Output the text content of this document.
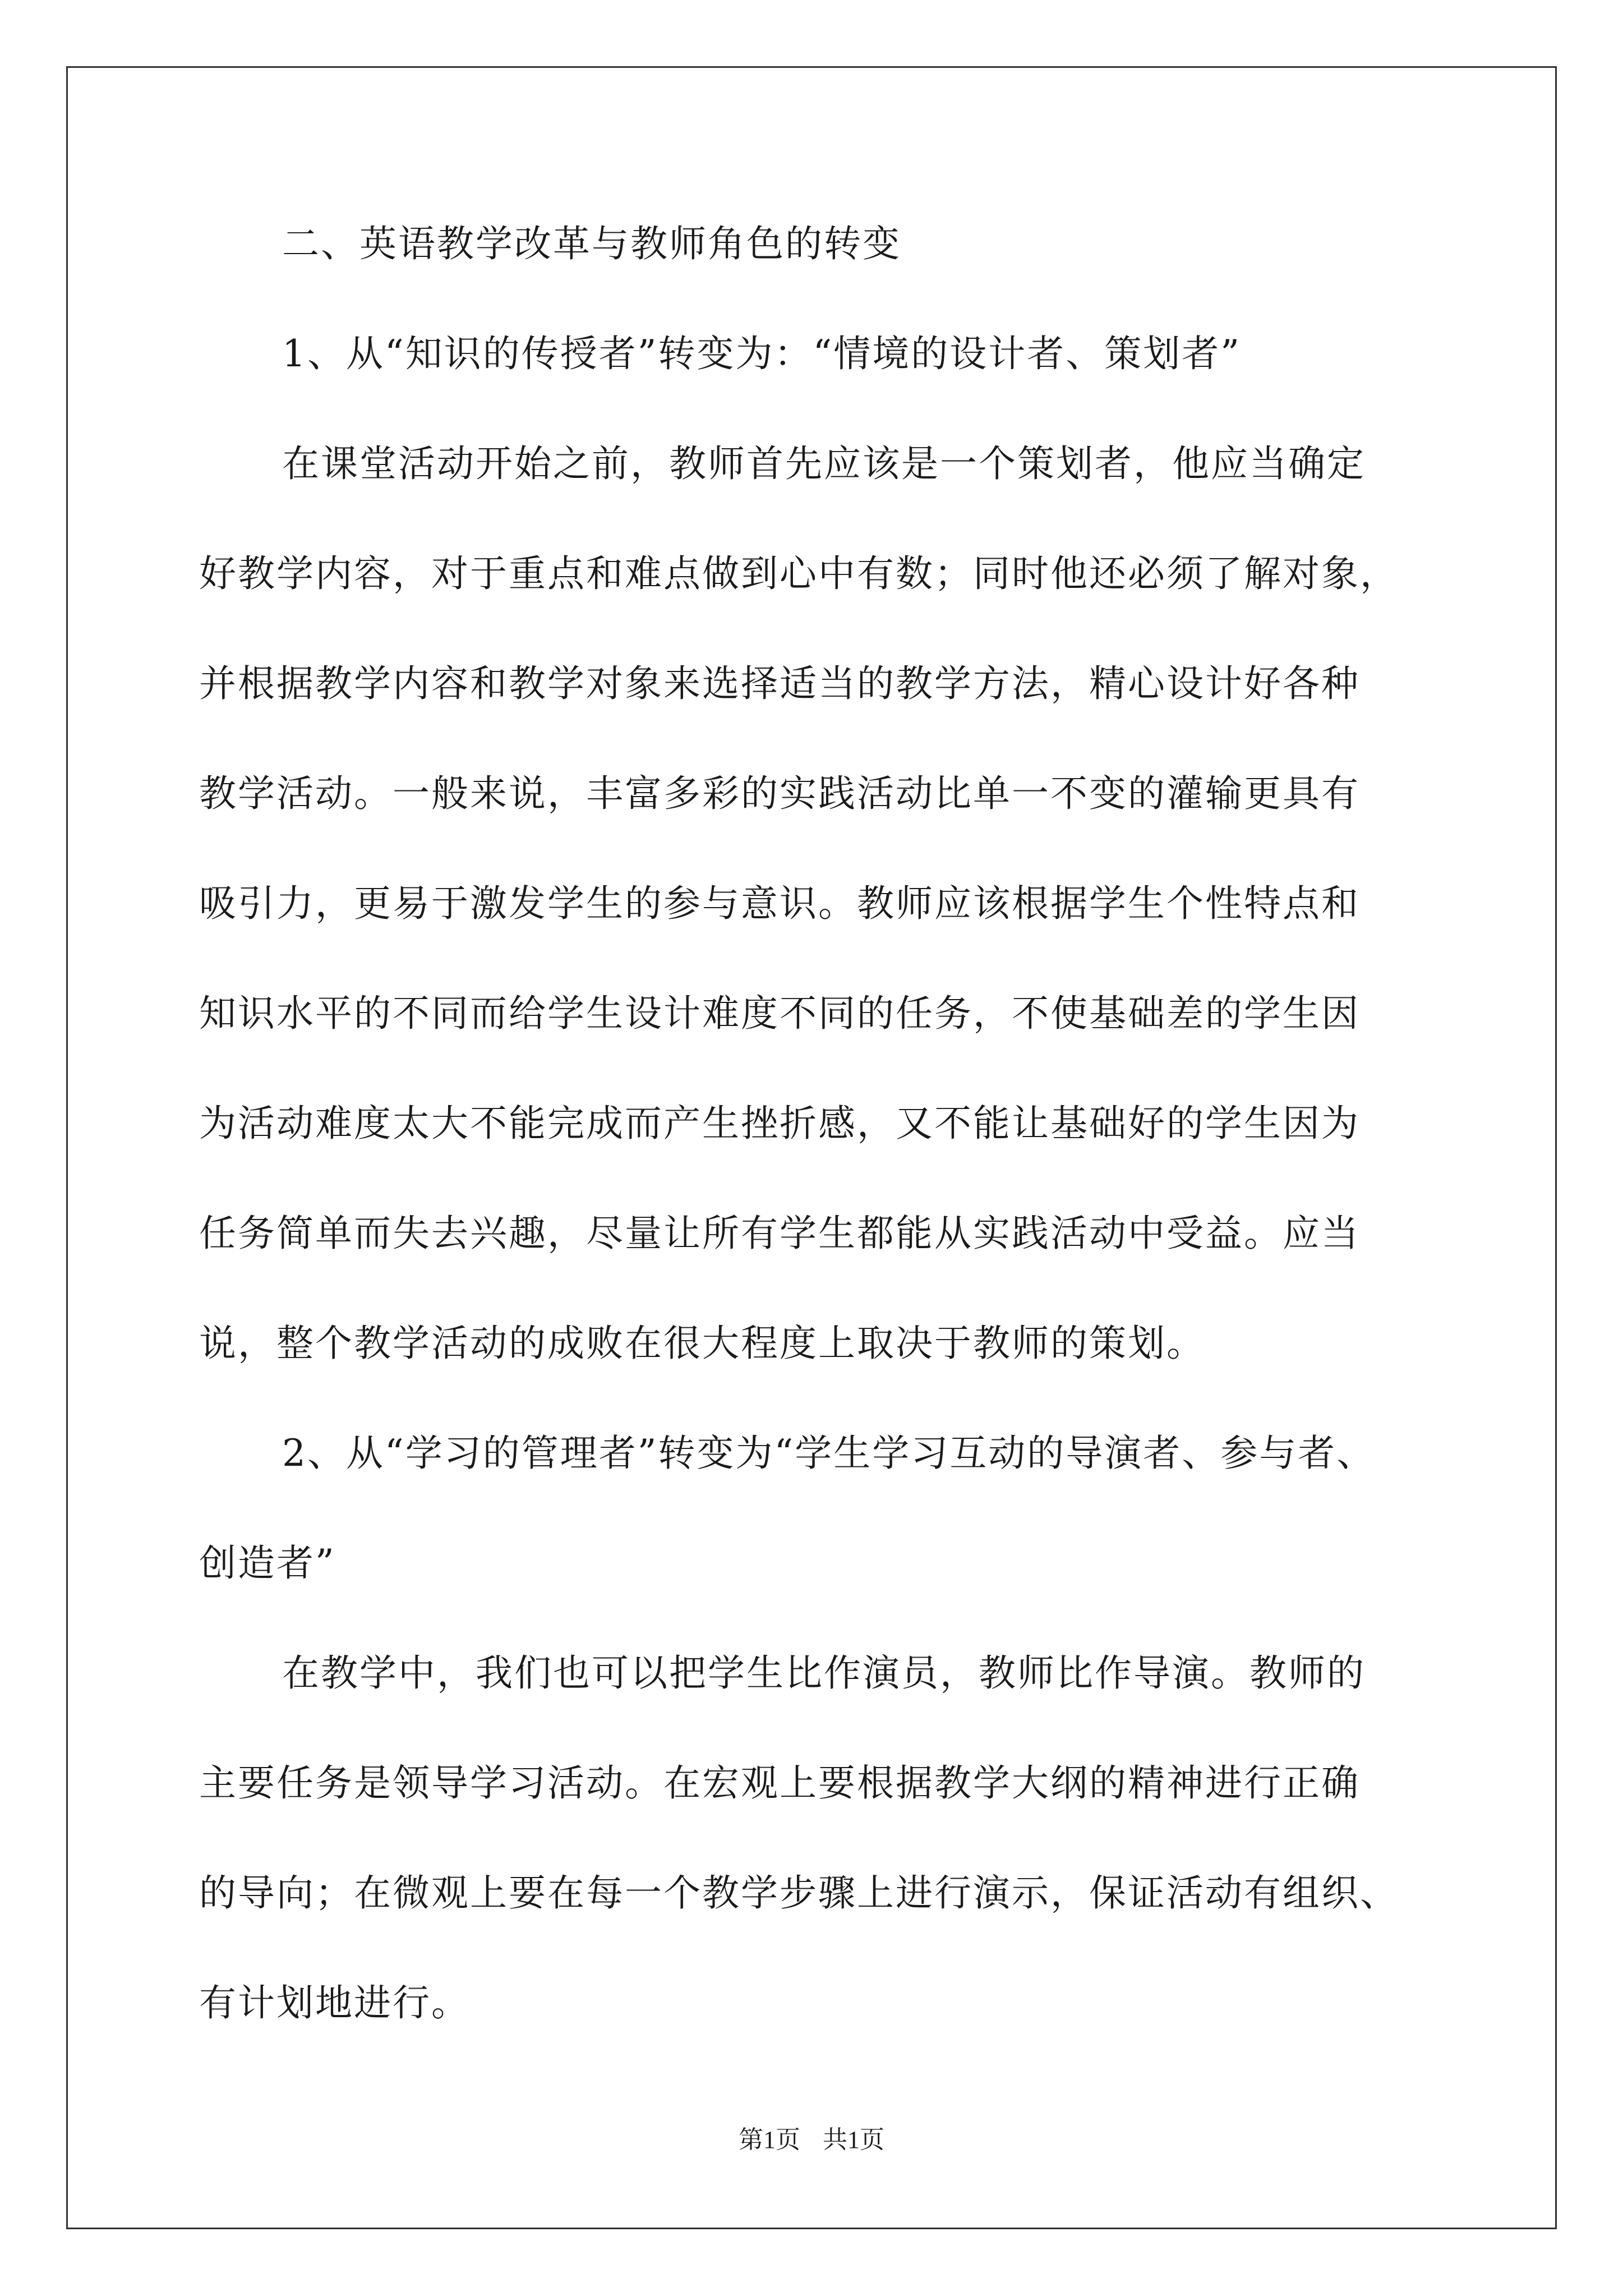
二、英语教学改革与教师角色的转变
1、从“知识的传授者”转变为：“情境的设计者、策划者”
在课堂活动开始之前，教师首先应该是一个策划者，他应当确定
好教学内容，对于重点和难点做到心中有数；同时他还必须了解对象，
并根据教学内容和教学对象来选择适当的教学方法，精心设计好各种
教学活动。一般来说，丰富多彩的实践活动比单一不变的灌输更具有
吸引力，更易于激发学生的参与意识。教师应该根据学生个性特点和
知识水平的不同而给学生设计难度不同的任务，不使基础差的学生因
为活动难度太大不能完成而产生挫折感，又不能让基础好的学生因为
任务简单而失去兴趣，尽量让所有学生都能从实践活动中受益。应当
说，整个教学活动的成败在很大程度上取决于教师的策划。
2、从“学习的管理者”转变为“学生学习互动的导演者、参与者、
创造者”
在教学中，我们也可以把学生比作演员，教师比作导演。教师的
主要任务是领导学习活动。在宏观上要根据教学大纲的精神进行正确
的导向；在微观上要在每一个教学步骤上进行演示，保证活动有组织、
有计划地进行。
第1页 共1页
